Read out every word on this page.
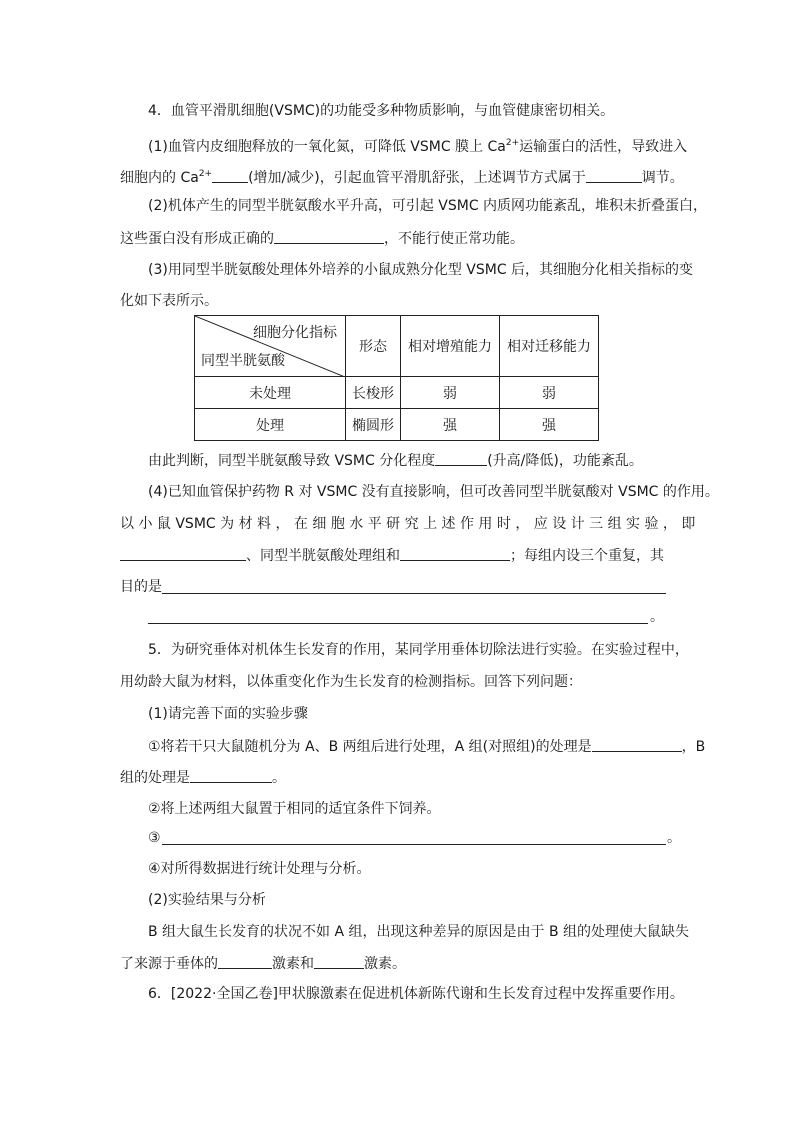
4．血管平滑肌细胞(VSMC)的功能受多种物质影响，与血管健康密切相关。
(1)血管内皮细胞释放的一氧化氮，可降低 VSMC 膜上 $Ca^{2+}$运输蛋白的活性，导致进入
细胞内的 $Ca^{2+}$	(增加/减少)，引起血管平滑肌舒张，上述调节方式属于	调节。
(2)机体产生的同型半胱氨酸水平升高，可引起 VSMC 内质网功能紊乱，堆积未折叠蛋白，
这些蛋白没有形成正确的	，不能行使正常功能。
(3)用同型半胱氨酸处理体外培养的小鼠成熟分化型 VSMC 后，其细胞分化相关指标的变
化如下表所示。
细胞分化指标
同型半胱氨酸	形态	相对增殖能力	相对迁移能力
未处理	长梭形	弱	弱
处理	椭圆形	强	强
由此判断，同型半胱氨酸导致 VSMC 分化程度	(升高/降低)，功能紊乱。
(4)已知血管保护药物 R 对 VSMC 没有直接影响，但可改善同型半胱氨酸对 VSMC 的作用。
以 小 鼠 VSMC 为 材 料 ， 在 细 胞 水 平 研 究 上 述 作 用 时 ， 应 设 计 三 组 实 验 ， 即
、同型半胱氨酸处理组和	；每组内设三个重复，其
目的是
。
5．为研究垂体对机体生长发育的作用，某同学用垂体切除法进行实验。在实验过程中，
用幼龄大鼠为材料，以体重变化作为生长发育的检测指标。回答下列问题：
(1)请完善下面的实验步骤
①将若干只大鼠随机分为 A、B 两组后进行处理，A 组(对照组)的处理是	，B
组的处理是	。
②将上述两组大鼠置于相同的适宜条件下饲养。
③	。
④对所得数据进行统计处理与分析。
(2)实验结果与分析
B 组大鼠生长发育的状况不如 A 组，出现这种差异的原因是由于 B 组的处理使大鼠缺失
了来源于垂体的	激素和	激素。
6．[2022·全国乙卷]甲状腺激素在促进机体新陈代谢和生长发育过程中发挥重要作用。
